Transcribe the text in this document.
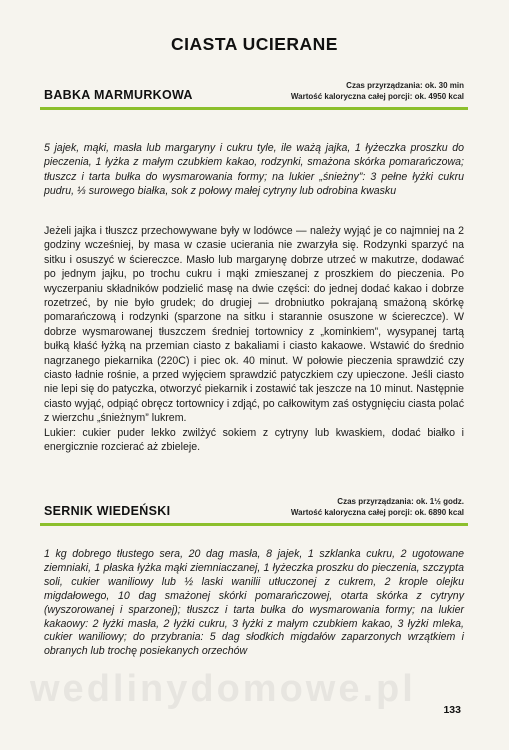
CIASTA UCIERANE
BABKA MARMURKOWA
Czas przyrządzania: ok. 30 min
Wartość kaloryczna całej porcji: ok. 4950 kcal

5 jajek, mąki, masła lub margaryny i cukru tyle, ile ważą jajka, 1 łyżeczka proszku do pieczenia, 1 łyżka z małym czubkiem kakao, rodzynki, smażona skórka pomarańczowa; tłuszcz i tarta bułka do wysmarowania formy; na lukier „śnieżny”: 3 pełne łyżki cukru pudru, ⅓ surowego białka, sok z połowy małej cytryny lub odrobina kwasku

Jeżeli jajka i tłuszcz przechowywane były w lodówce — należy wyjąć je co najmniej na 2 godziny wcześniej, by masa w czasie ucierania nie zwarzyła się. Rodzynki sparzyć na sitku i osuszyć w ściereczce. Masło lub margarynę dobrze utrzeć w makutrze, dodawać po jednym jajku, po trochu cukru i mąki zmieszanej z proszkiem do pieczenia. Po wyczerpaniu składników podzielić masę na dwie części: do jednej dodać kakao i dobrze rozetrzeć, by nie było grudek; do drugiej — drobniutko pokrajaną smażoną skórkę pomarańczową i rodzynki (sparzone na sitku i starannie osuszone w ściereczce). W dobrze wysmarowanej tłuszczem średniej tortownicy z „kominkiem”, wysypanej tartą bułką kłaść łyżką na przemian ciasto z bakaliami i ciasto kakaowe. Wstawić do średnio nagrzanego piekarnika (220C) i piec ok. 40 minut. W połowie pieczenia sprawdzić czy ciasto ładnie rośnie, a przed wyjęciem sprawdzić patyczkiem czy upieczone. Jeśli ciasto nie lepi się do patyczka, otworzyć piekarnik i zostawić tak jeszcze na 10 minut. Następnie ciasto wyjąć, odpiąć obręcz tortownicy i zdjąć, po całkowitym zaś ostygnięciu ciasta polać z wierzchu „śnieżnym” lukrem.

Lukier: cukier puder lekko zwilżyć sokiem z cytryny lub kwaskiem, dodać białko i energicznie rozcierać aż zbieleje.

SERNIK WIEDEŃSKI
Czas przyrządzania: ok. 1½ godz.
Wartość kaloryczna całej porcji: ok. 6890 kcal

1 kg dobrego tłustego sera, 20 dag masła, 8 jajek, 1 szklanka cukru, 2 ugotowane ziemniaki, 1 płaska łyżka mąki ziemniaczanej, 1 łyżeczka proszku do pieczenia, szczypta soli, cukier waniliowy lub ½ laski wanilii utłuczonej z cukrem, 2 krople olejku migdałowego, 10 dag smażonej skórki pomarańczowej, otarta skórka z cytryny (wyszorowanej i sparzonej); tłuszcz i tarta bułka do wysmarowania formy; na lukier kakaowy: 2 łyżki masła, 2 łyżki cukru, 3 łyżki z małym czubkiem kakao, 3 łyżki mleka, cukier waniliowy; do przybrania: 5 dag słodkich migdałów zaparzonych wrzątkiem i obranych lub trochę posiekanych orzechów

wedlinydomowe.pl	133
